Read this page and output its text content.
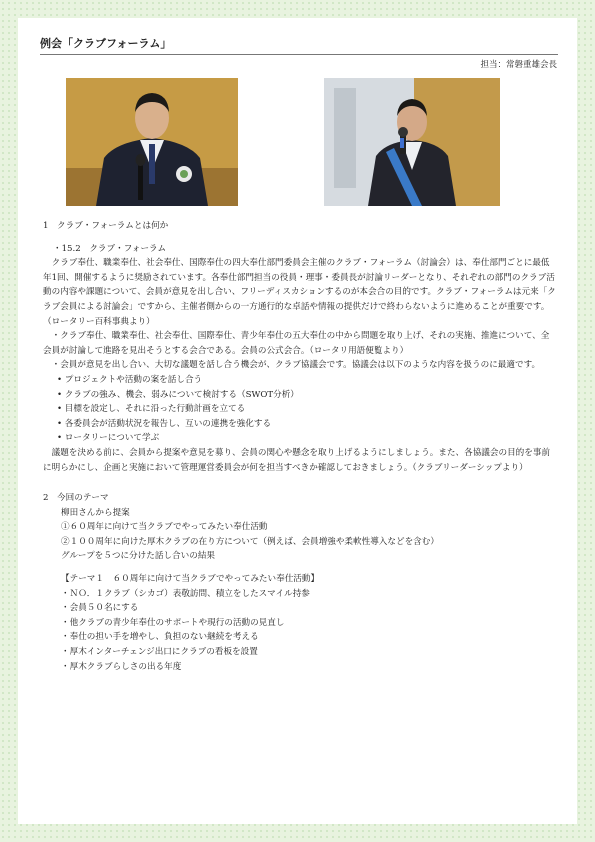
例会「クラブフォーラム」
担当：常磐重雄会長

1　クラブ・フォーラムとは何か

・15.2　クラブ・フォーラム

　クラブ奉仕、職業奉仕、社会奉仕、国際奉仕の四大奉仕部門委員会主催のクラブ・フォーラム（討論会）は、奉仕部門ごとに最低年1回、開催するように奨励されています。各奉仕部門担当の役員・理事・委員長が討論リーダーとなり、それぞれの部門のクラブ活動の内容や課題について、会員が意見を出し合い、フリーディスカションするのが本会合の目的です。クラブ・フォーラムは元来「クラブ会員による討論会」ですから、主催者側からの一方通行的な卓話や情報の提供だけで終わらないように進めることが重要です。（ロータリー百科事典より）

　・クラブ奉仕、職業奉仕、社会奉仕、国際奉仕、青少年奉仕の五大奉仕の中から問題を取り上げ、それの実施、推進について、全会員が討論して進路を見出そうとする会合である。会員の公式会合。（ロータリ用語便覧より）

　・会員が意見を出し合い、大切な議題を話し合う機会が、クラブ協議会です。協議会は以下のような内容を扱うのに最適です。

• プロジェクトや活動の案を話し合う

• クラブの強み、機会、弱みについて検討する（SWOT分析）

• 目標を設定し、それに沿った行動計画を立てる

• 各委員会が活動状況を報告し、互いの連携を強化する

• ロータリーについて学ぶ

　議題を決める前に、会員から提案や意見を募り、会員の関心や懸念を取り上げるようにしましょう。また、各協議会の目的を事前に明らかにし、企画と実施において管理運営委員会が何を担当すべきか確認しておきましょう。（クラブリーダーシップより）

2　今回のテーマ

柳田さんから提案

①６０周年に向けて当クラブでやってみたい奉仕活動

②１００周年に向けた厚木クラブの在り方について（例えば、会員増強や柔軟性導入などを含む）

グループを５つに分けた話し合いの結果

【テーマ１　６０周年に向けて当クラブでやってみたい奉仕活動】

・ＮＯ．１クラブ（シカゴ）表敬訪問、積立をしたスマイル持参

・会員５０名にする

・他クラブの青少年奉仕のサポートや現行の活動の見直し

・奉仕の担い手を増やし、負担のない継続を考える

・厚木インターチェンジ出口にクラブの看板を設置

・厚木クラブらしさの出る年度
